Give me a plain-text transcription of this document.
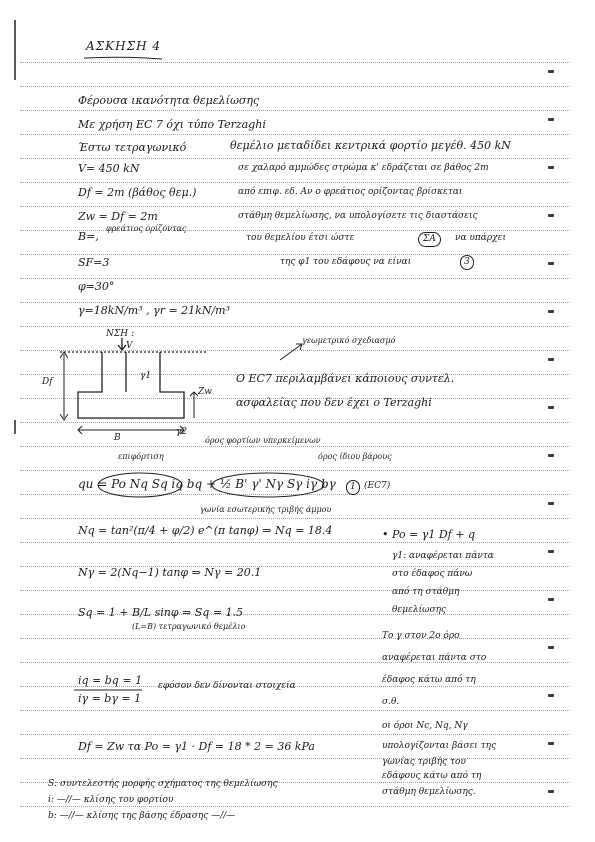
ΑΣΚΗΣΗ 4
Φέρουσα ικανότητα θεμελίωσης
Με χρήση EC 7 όχι τύπο Terzaghi
Έστω τετραγωνικό	θεμέλιο μεταδίδει κεντρικά φορτίο μεγέθ. 450 kN
V= 450 kN	σε χαλαρό αμμώδες στρώμα κ' εδράζεται σε βάθος 2m
Df = 2m (βάθος θεμ.)	από επιφ. εδ. Αν ο φρεάτιος ορίζοντας βρίσκεται
Zw = Df = 2m	στάθμη θεμελίωσης, να υπολογίσετε τις διαστάσεις
φρεάτιος ορίζοντας
B=,	του θεμελίου έτσι ώστε	ΣΑ	να υπάρχει
SF=3	της φ1 του εδάφους να είναι	3
φ=30°
γ=18kN/m³ , γr = 21kN/m³
ΝΣΗ :
V
Df
γ1
Zw
B
γ2
γεωμετρικό σχεδιασμό
Ο EC7 περιλαμβάνει κάποιους συντελ.
ασφαλείας που δεν έχει ο Terzaghi
όρος φορτίων υπερκείμενων
όρος ίδιου βάρους
επιφόρτιση
qu = Po Nq Sq iq bq + ½ B' γ' Nγ Sγ iγ bγ	1 (EC7)
γωνία εσωτερικής τριβής άμμου
Nq = tan²(π/4 + φ/2) e^(π tanφ) ⇒ Nq = 18.4
Nγ = 2(Nq−1) tanφ ⇒ Nγ = 20.1
Sq = 1 + B/L sinφ ⇒ Sq = 1.5
(L=B) τετραγωνικό θεμέλιο
iq = bq = 1
iγ = bγ = 1
εφόσον δεν δίνονται στοιχεία
Df = Zw τα Po = γ1 · Df = 18 * 2 = 36 kPa
• Po = γ1 Df + q
γ1: αναφέρεται πάντα
στο έδαφος πάνω
από τη στάθμη
θεμελίωσης
Το γ στον 2ο όρο
αναφέρεται πάντα στο
έδαφος κάτω από τη
σ.θ.
οι όροι Nc, Nq, Nγ
υπολογίζονται βάσει της
γωνίας τριβής του
εδάφους κάτω από τη
στάθμη θεμελίωσης.
S: συντελεστής μορφής σχήματος της θεμελίωσης
i: —//— κλίσης του φορτίου
b: —//— κλίσης της βάσης έδρασης —//—
